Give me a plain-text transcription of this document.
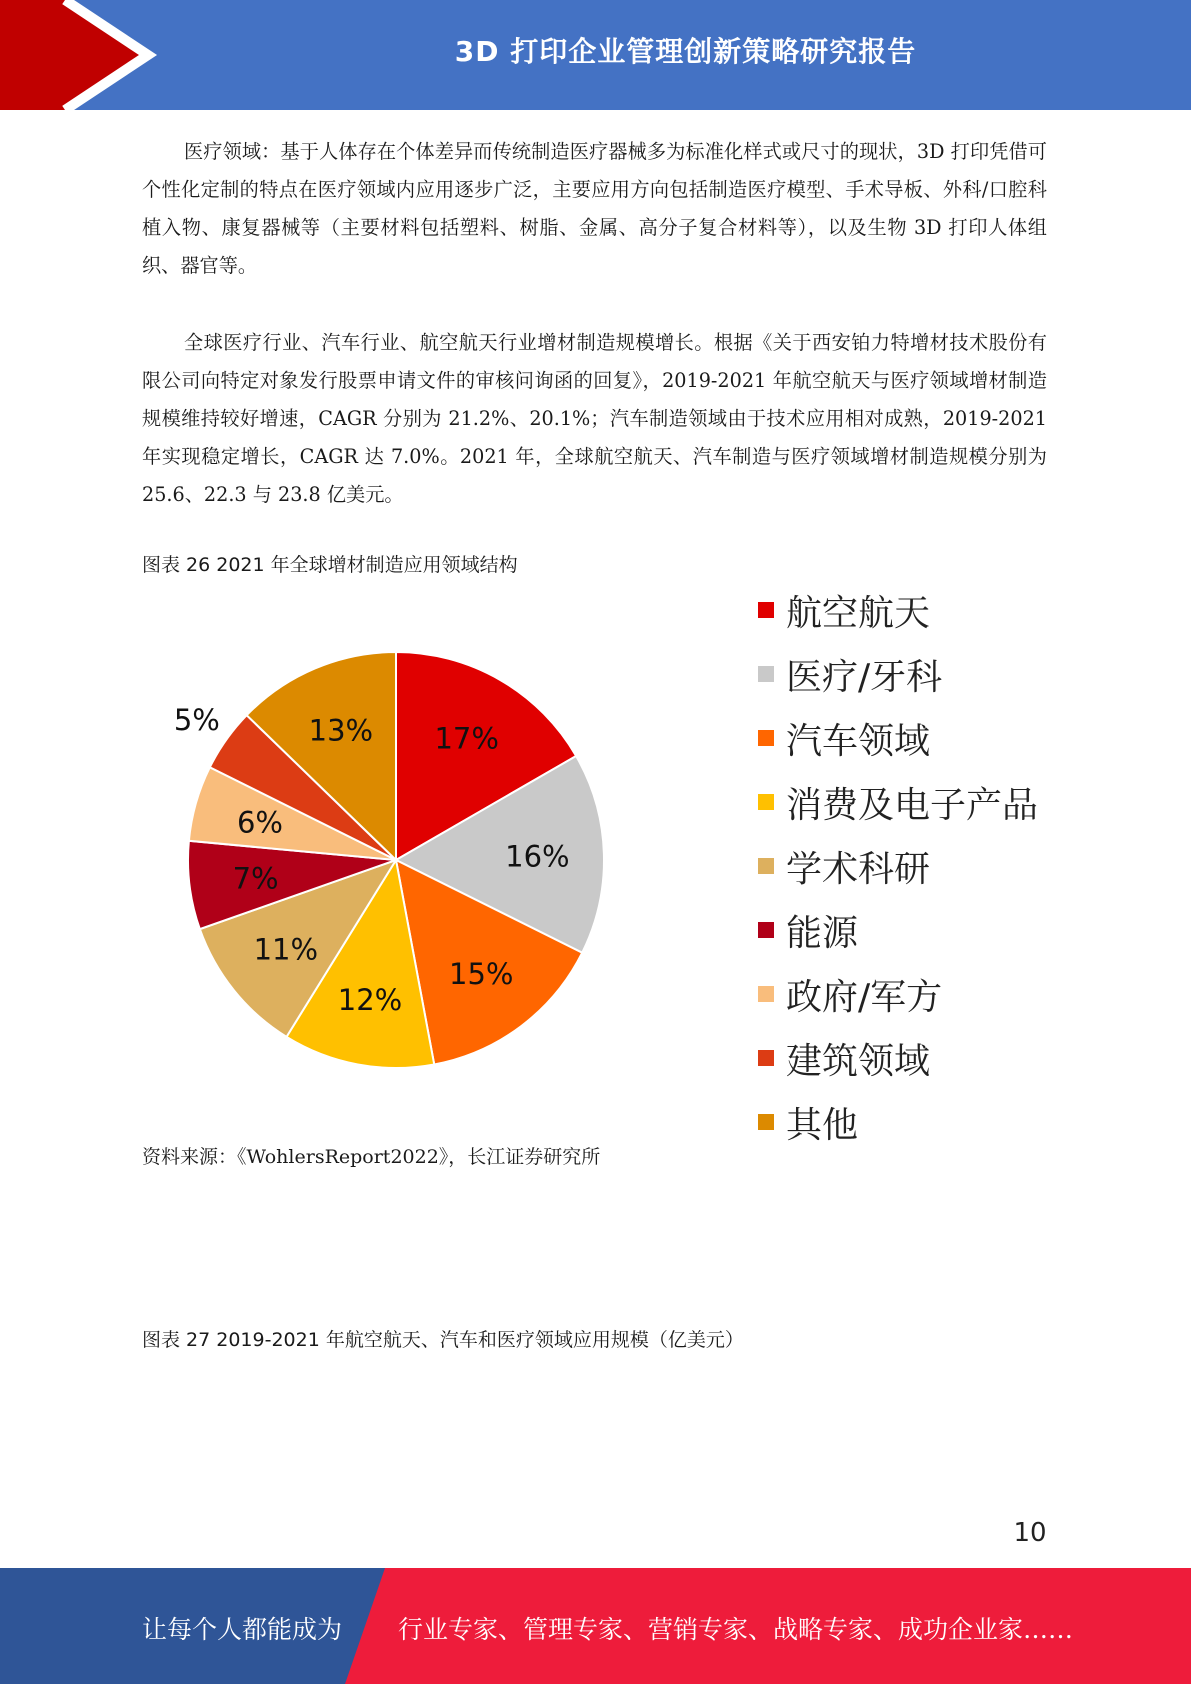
3D 打印企业管理创新策略研究报告

医疗领域：基于人体存在个体差异而传统制造医疗器械多为标准化样式或尺寸的现状，3D 打印凭借可个性化定制的特点在医疗领域内应用逐步广泛，主要应用方向包括制造医疗模型、手术导板、外科/口腔科植入物、康复器械等（主要材料包括塑料、树脂、金属、高分子复合材料等），以及生物 3D 打印人体组织、器官等。

全球医疗行业、汽车行业、航空航天行业增材制造规模增长。根据《关于西安铂力特增材技术股份有限公司向特定对象发行股票申请文件的审核问询函的回复》，2019-2021 年航空航天与医疗领域增材制造规模维持较好增速，CAGR 分别为 21.2%、20.1%；汽车制造领域由于技术应用相对成熟，2019-2021 年实现稳定增长，CAGR 达 7.0%。2021 年，全球航空航天、汽车制造与医疗领域增材制造规模分别为 25.6、22.3 与 23.8 亿美元。

图表 26 2021 年全球增材制造应用领域结构
17%
16%
15%
12%
11%
7%
6%
5%	13%
航空航天
医疗/牙科
汽车领域
消费及电子产品
学术科研
能源
政府/军方
建筑领域
其他
资料来源：《WohlersReport2022》，长江证券研究所
图表 27 2019-2021 年航空航天、汽车和医疗领域应用规模（亿美元）
10
让每个人都能成为 行业专家、管理专家、营销专家、战略专家、成功企业家……
